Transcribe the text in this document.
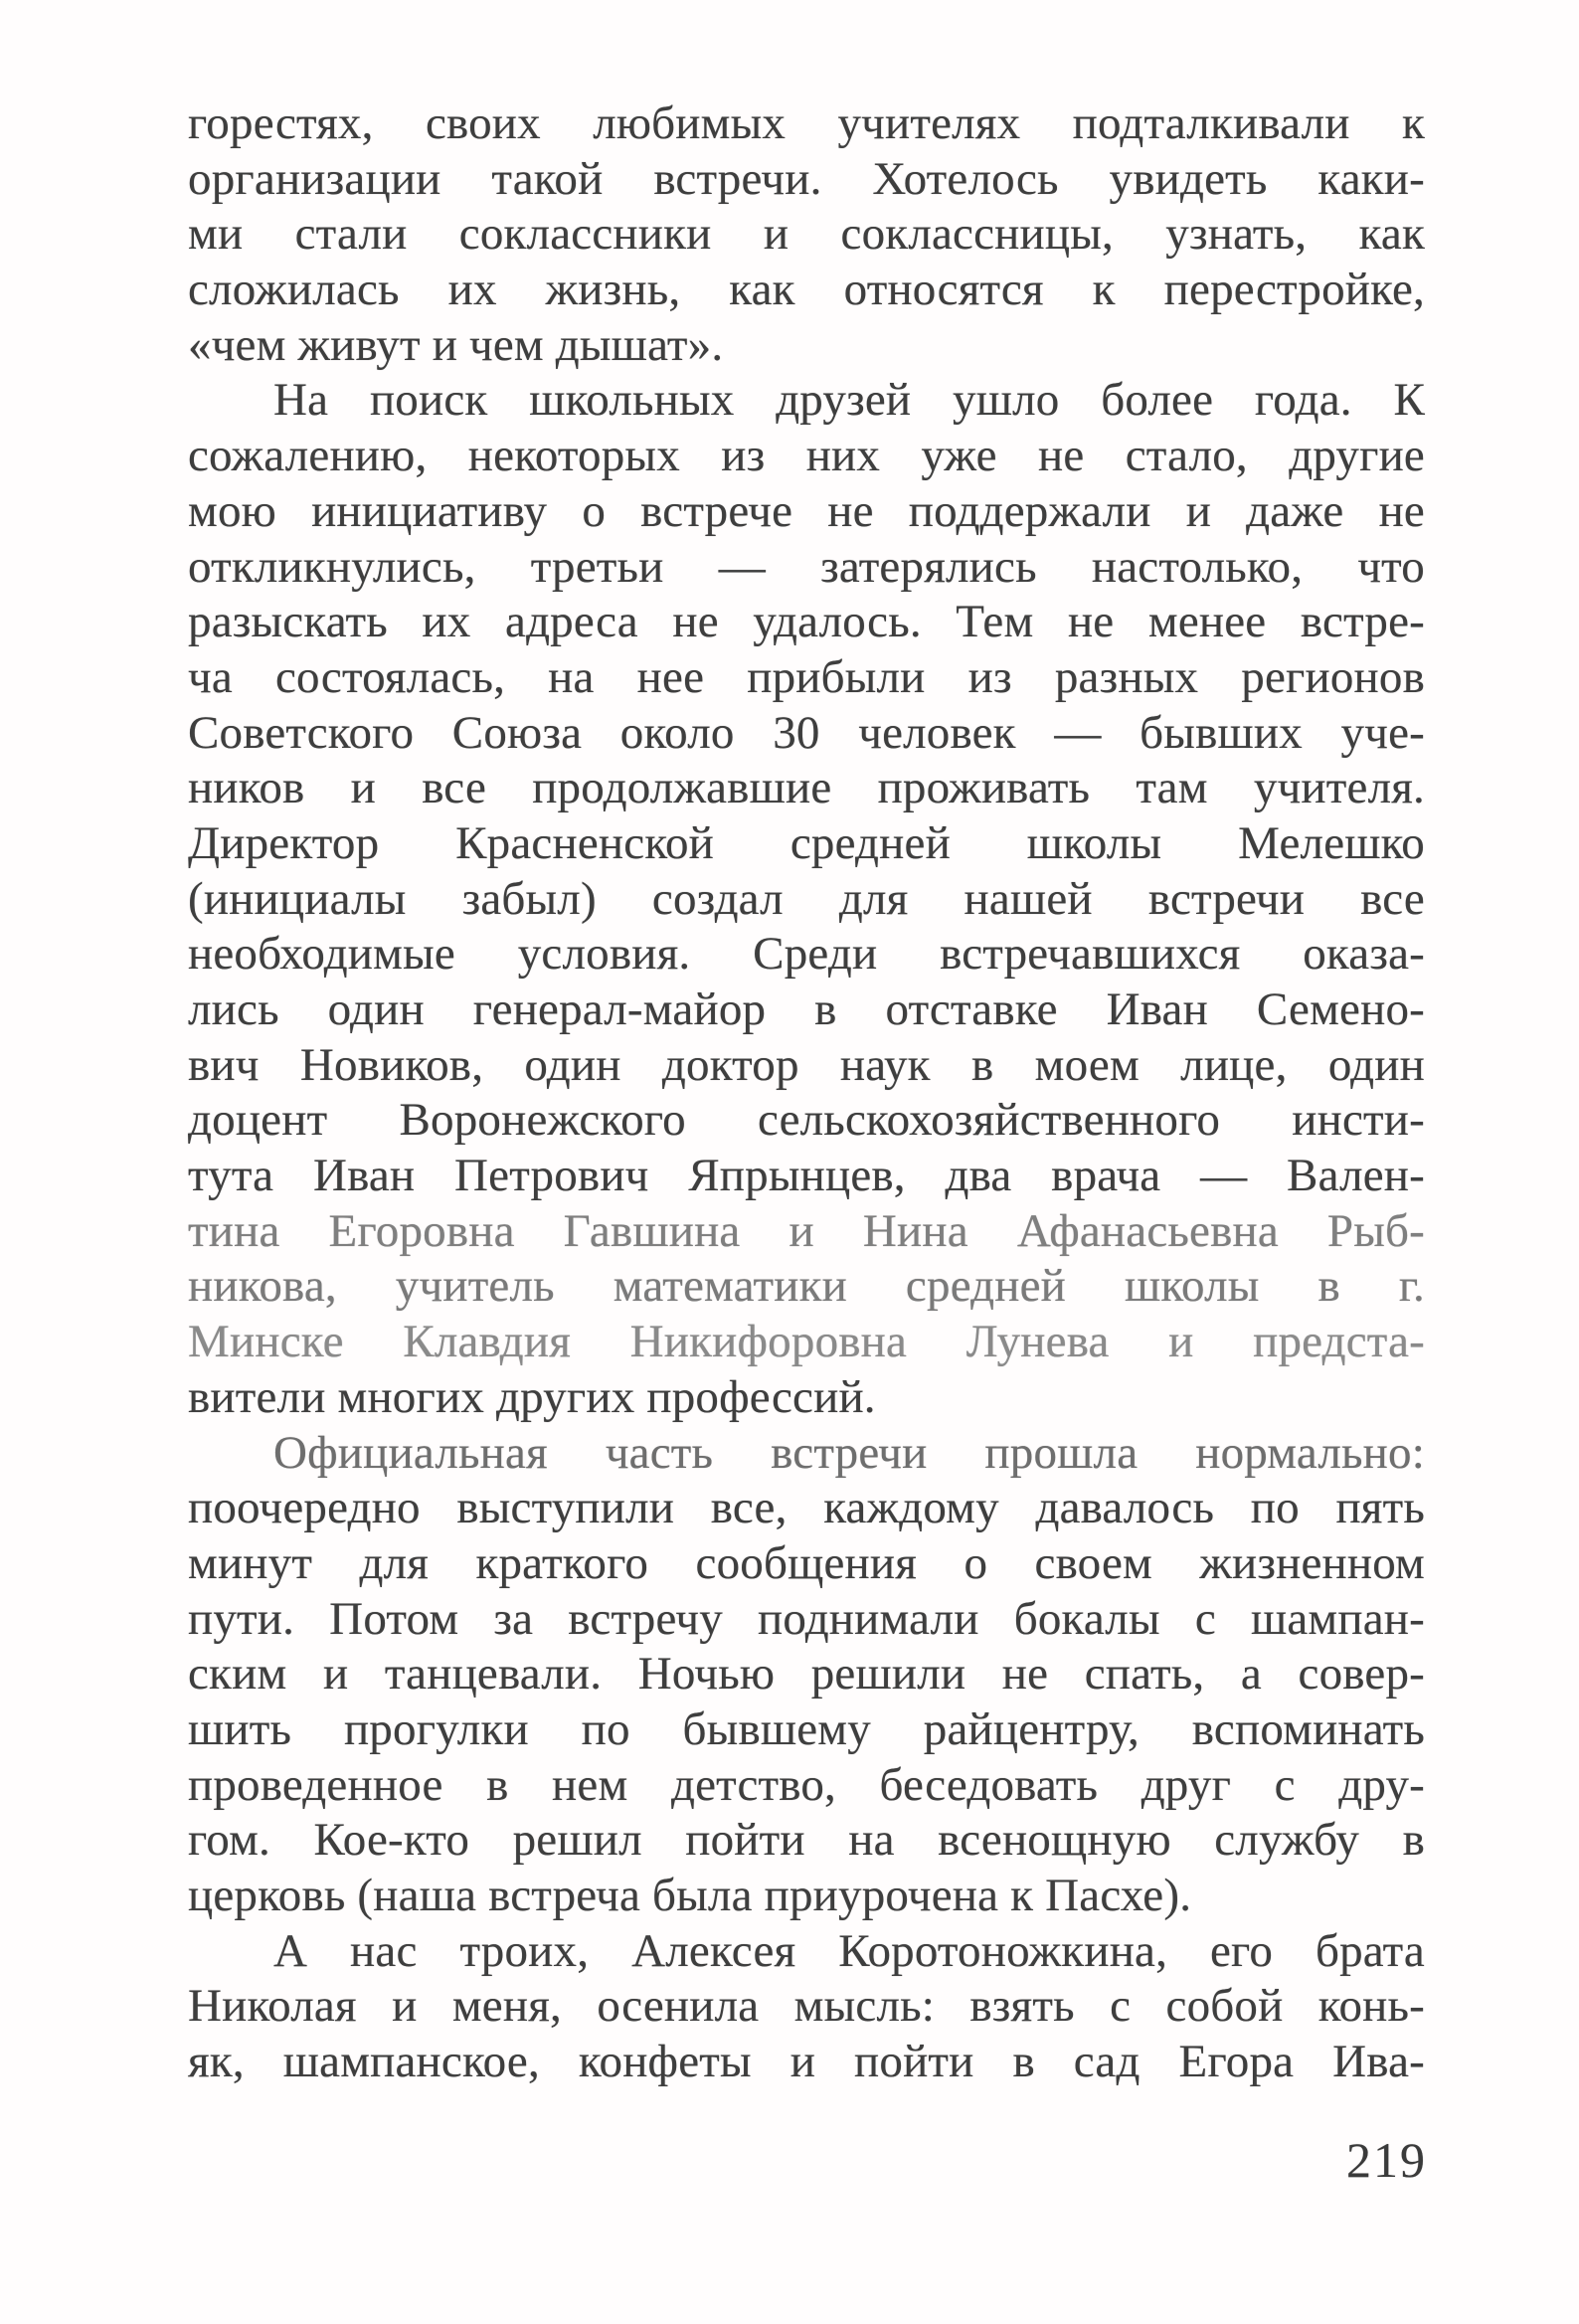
горестях, своих любимых учителях подталкивали к
организации такой встречи. Хотелось увидеть каки-
ми стали соклассники и соклассницы, узнать, как
сложилась их жизнь, как относятся к перестройке,
«чем живут и чем дышат».
На поиск школьных друзей ушло более года. К
сожалению, некоторых из них уже не стало, другие
мою инициативу о встрече не поддержали и даже не
откликнулись, третьи — затерялись настолько, что
разыскать их адреса не удалось. Тем не менее встре-
ча состоялась, на нее прибыли из разных регионов
Советского Союза около 30 человек — бывших уче-
ников и все продолжавшие проживать там учителя.
Директор Красненской средней школы Мелешко
(инициалы забыл) создал для нашей встречи все
необходимые условия. Среди встречавшихся оказа-
лись один генерал-майор в отставке Иван Семено-
вич Новиков, один доктор наук в моем лице, один
доцент Воронежского сельскохозяйственного инсти-
тута Иван Петрович Япрынцев, два врача — Вален-
тина Егоровна Гавшина и Нина Афанасьевна Рыб-
никова, учитель математики средней школы в г.
Минске Клавдия Никифоровна Лунева и предста-
вители многих других профессий.
Официальная часть встречи прошла нормально:
поочередно выступили все, каждому давалось по пять
минут для краткого сообщения о своем жизненном
пути. Потом за встречу поднимали бокалы с шампан-
ским и танцевали. Ночью решили не спать, а совер-
шить прогулки по бывшему райцентру, вспоминать
проведенное в нем детство, беседовать друг с дру-
гом. Кое-кто решил пойти на всенощную службу в
церковь (наша встреча была приурочена к Пасхе).
А нас троих, Алексея Коротоножкина, его брата
Николая и меня, осенила мысль: взять с собой конь-
як, шампанское, конфеты и пойти в сад Егора Ива-
219
